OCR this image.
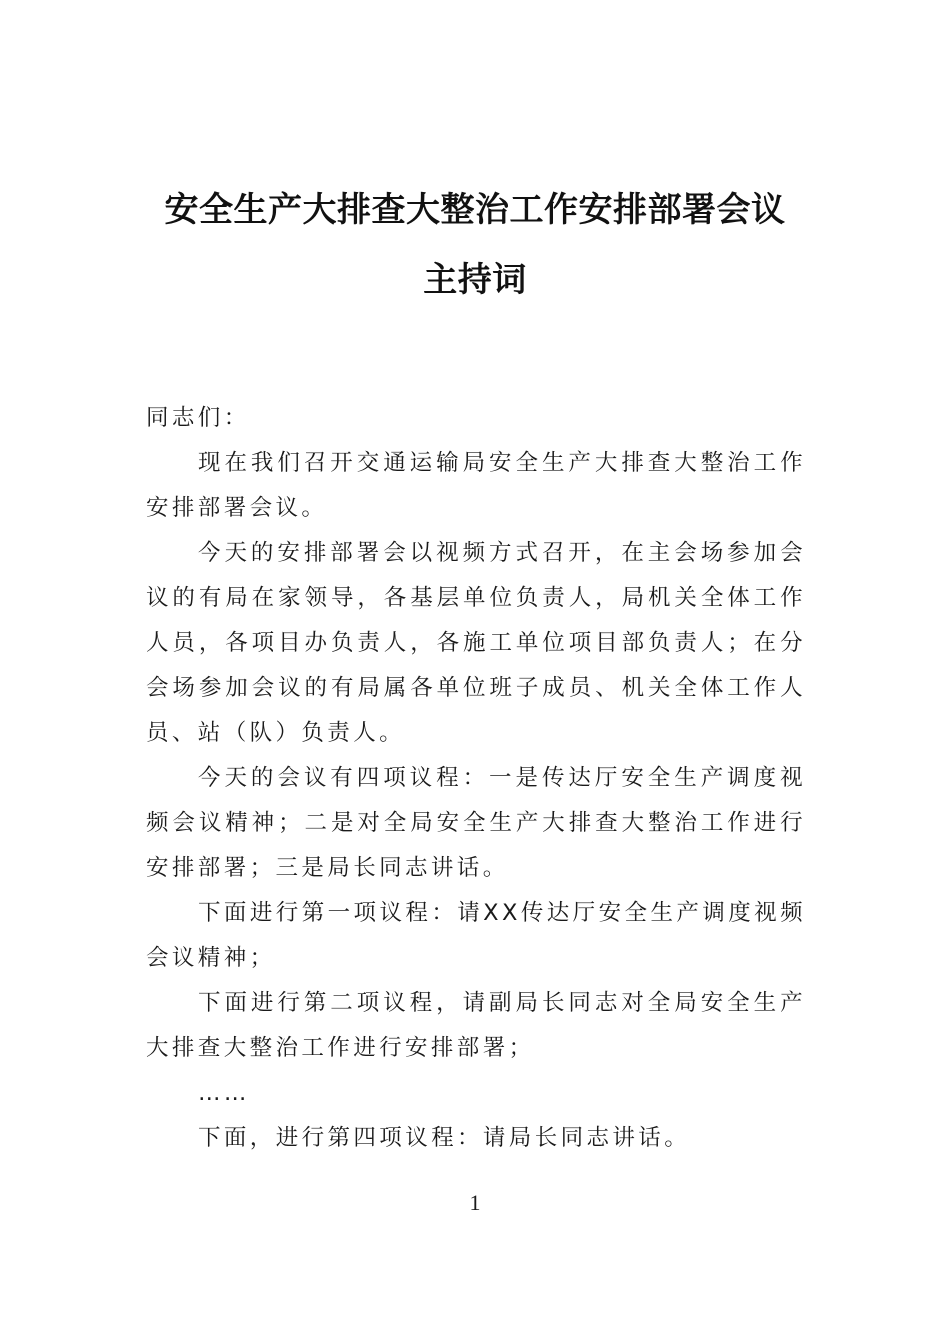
安全生产大排查大整治工作安排部署会议
主持词

同志们：

现在我们召开交通运输局安全生产大排查大整治工作安排部署会议。

今天的安排部署会以视频方式召开，在主会场参加会议的有局在家领导，各基层单位负责人，局机关全体工作人员，各项目办负责人，各施工单位项目部负责人；在分会场参加会议的有局属各单位班子成员、机关全体工作人员、站（队）负责人。

今天的会议有四项议程：一是传达厅安全生产调度视频会议精神；二是对全局安全生产大排查大整治工作进行安排部署；三是局长同志讲话。

下面进行第一项议程：请XX传达厅安全生产调度视频会议精神；

下面进行第二项议程，请副局长同志对全局安全生产大排查大整治工作进行安排部署；

……

下面，进行第四项议程：请局长同志讲话。

1
